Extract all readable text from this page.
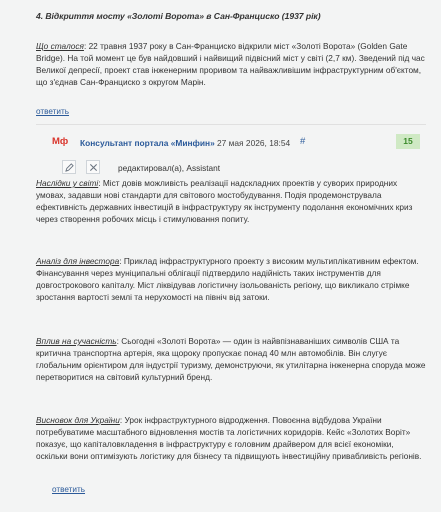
4. Відкриття мосту «Золоті Ворота» в Сан-Франциско (1937 рік)

Що сталося: 22 травня 1937 року в Сан-Франциско відкрили міст «Золоті Ворота» (Golden Gate Bridge). На той момент це був найдовший і найвищий підвісний міст у світі (2,7 км). Зведений під час Великої депресії, проект став інженерним проривом та найважливішим інфраструктурним об'єктом, що з'єднав Сан-Франциско з округом Марін.

ответить
Мф Консультант портала «Минфин» 27 мая 2026, 18:54 #	15
редактировал(а), Assistant

Наслідки у світі: Міст довів можливість реалізації надскладних проектів у суворих природних умовах, задавши нові стандарти для світового мостобудування. Подія продемонструвала ефективність державних інвестицій в інфраструктуру як інструменту подолання економічних криз через створення робочих місць і стимулювання попиту.

Аналіз для інвестора: Приклад інфраструктурного проекту з високим мультиплікативним ефектом. Фінансування через муніципальні облігації підтвердило надійність таких інструментів для довгострокового капіталу. Міст ліквідував логістичну ізольованість регіону, що викликало стрімке зростання вартості землі та нерухомості на північ від затоки.

Вплив на сучасність: Сьогодні «Золоті Ворота» — один із найвпізнаваніших символів США та критична транспортна артерія, яка щороку пропускає понад 40 млн автомобілів. Він слугує глобальним орієнтиром для індустрії туризму, демонструючи, як утилітарна інженерна споруда може перетворитися на світовий культурний бренд.

Висновок для України: Урок інфраструктурного відродження. Повоєнна відбудова України потребуватиме масштабного відновлення мостів та логістичних коридорів. Кейс «Золотих Воріт» показує, що капіталовкладення в інфраструктуру є головним драйвером для всієї економіки, оскільки вони оптимізують логістику для бізнесу та підвищують інвестиційну привабливість регіонів.

ответить
